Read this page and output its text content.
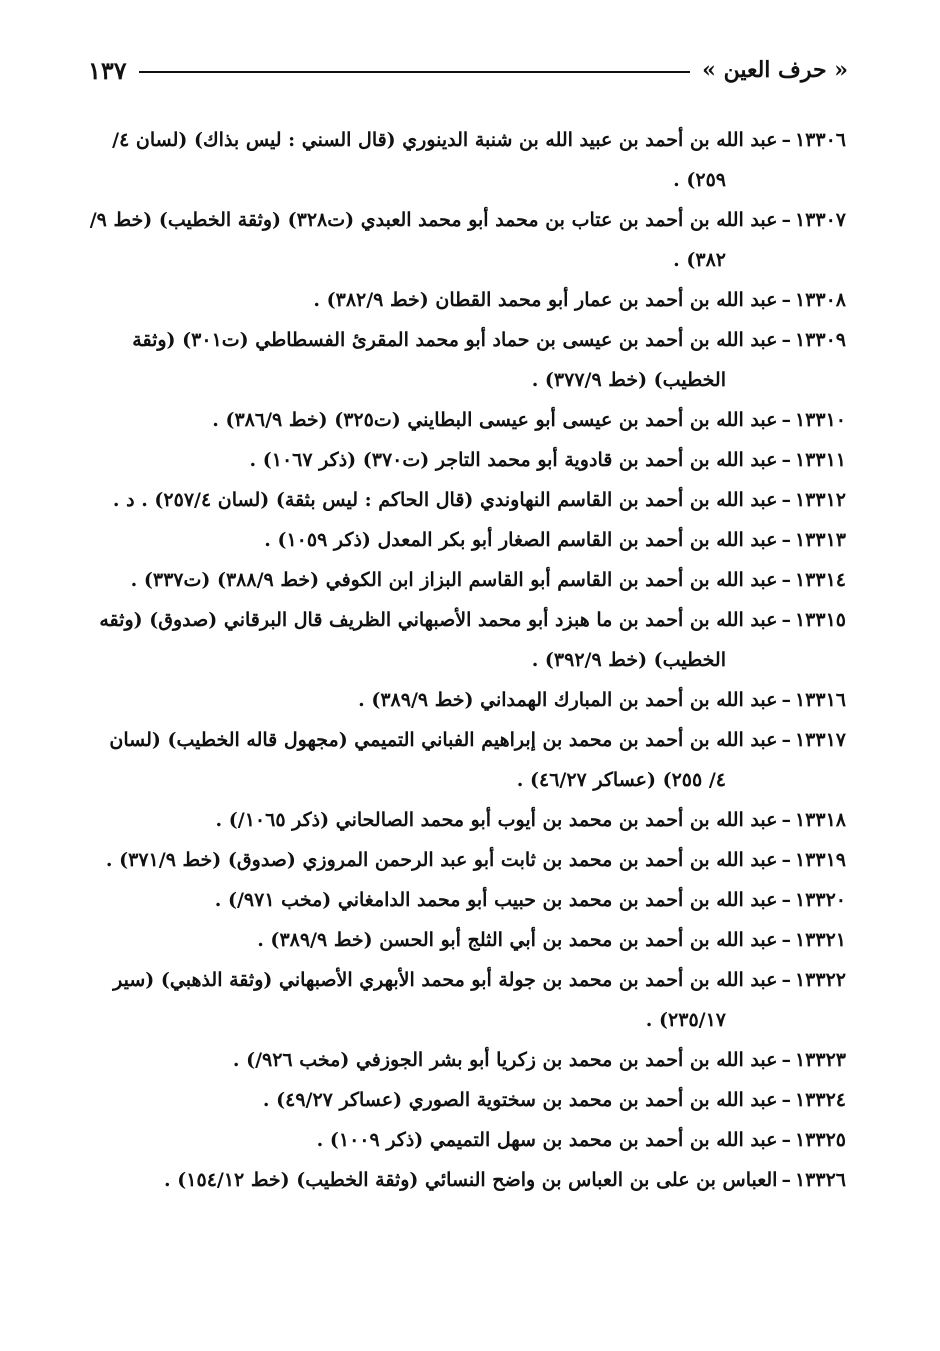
« حرف العين »
١٣٧
١٣٣٠٦–عبد الله بن أحمد بن عبيد الله بن شنبة الدينوري (قال السني : ليس بذاك) (لسان ٤/ ٢٥٩) .
١٣٣٠٧–عبد الله بن أحمد بن عتاب بن محمد أبو محمد العبدي (ت٣٢٨) (وثقة الخطيب) (خط ٩/ ٣٨٢) .
١٣٣٠٨–عبد الله بن أحمد بن عمار أبو محمد القطان (خط ٣٨٢/٩) .
١٣٣٠٩–عبد الله بن أحمد بن عيسى بن حماد أبو محمد المقرئ الفسطاطي (ت٣٠١) (وثقة الخطيب) (خط ٣٧٧/٩) .
١٣٣١٠–عبد الله بن أحمد بن عيسى أبو عيسى البطايني (ت٣٢٥) (خط ٣٨٦/٩) .
١٣٣١١–عبد الله بن أحمد بن قادوية أبو محمد التاجر (ت٣٧٠) (ذكر ١٠٦٧) .
١٣٣١٢–عبد الله بن أحمد بن القاسم النهاوندي (قال الحاكم : ليس بثقة) (لسان ٢٥٧/٤) . د .
١٣٣١٣–عبد الله بن أحمد بن القاسم الصغار أبو بكر المعدل (ذكر ١٠٥٩) .
١٣٣١٤–عبد الله بن أحمد بن القاسم أبو القاسم البزاز ابن الكوفي (خط ٣٨٨/٩) (ت٣٣٧) .
١٣٣١٥–عبد الله بن أحمد بن ما هبزد أبو محمد الأصبهاني الظريف قال البرقاني (صدوق) (وثقه الخطيب) (خط ٣٩٢/٩) .
١٣٣١٦–عبد الله بن أحمد بن المبارك الهمداني (خط ٣٨٩/٩) .
١٣٣١٧–عبد الله بن أحمد بن محمد بن إبراهيم الفباني التميمي (مجهول قاله الخطيب) (لسان ٤/ ٢٥٥) (عساكر ٤٦/٢٧) .
١٣٣١٨–عبد الله بن أحمد بن محمد بن أيوب أبو محمد الصالحاني (ذكر ١٠٦٥/) .
١٣٣١٩–عبد الله بن أحمد بن محمد بن ثابت أبو عبد الرحمن المروزي (صدوق) (خط ٣٧١/٩) .
١٣٣٢٠–عبد الله بن أحمد بن محمد بن حبيب أبو محمد الدامغاني (مخب ٩٧١/) .
١٣٣٢١–عبد الله بن أحمد بن محمد بن أبي الثلج أبو الحسن (خط ٣٨٩/٩) .
١٣٣٢٢–عبد الله بن أحمد بن محمد بن جولة أبو محمد الأبهري الأصبهاني (وثقة الذهبي) (سير ٢٣٥/١٧) .
١٣٣٢٣–عبد الله بن أحمد بن محمد بن زكريا أبو بشر الجوزفي (مخب ٩٢٦/) .
١٣٣٢٤–عبد الله بن أحمد بن محمد بن سختوية الصوري (عساكر ٤٩/٢٧) .
١٣٣٢٥–عبد الله بن أحمد بن محمد بن سهل التميمي (ذكر ١٠٠٩) .
١٣٣٢٦–العباس بن على بن العباس بن واضح النسائي (وثقة الخطيب) (خط ١٥٤/١٢) .
